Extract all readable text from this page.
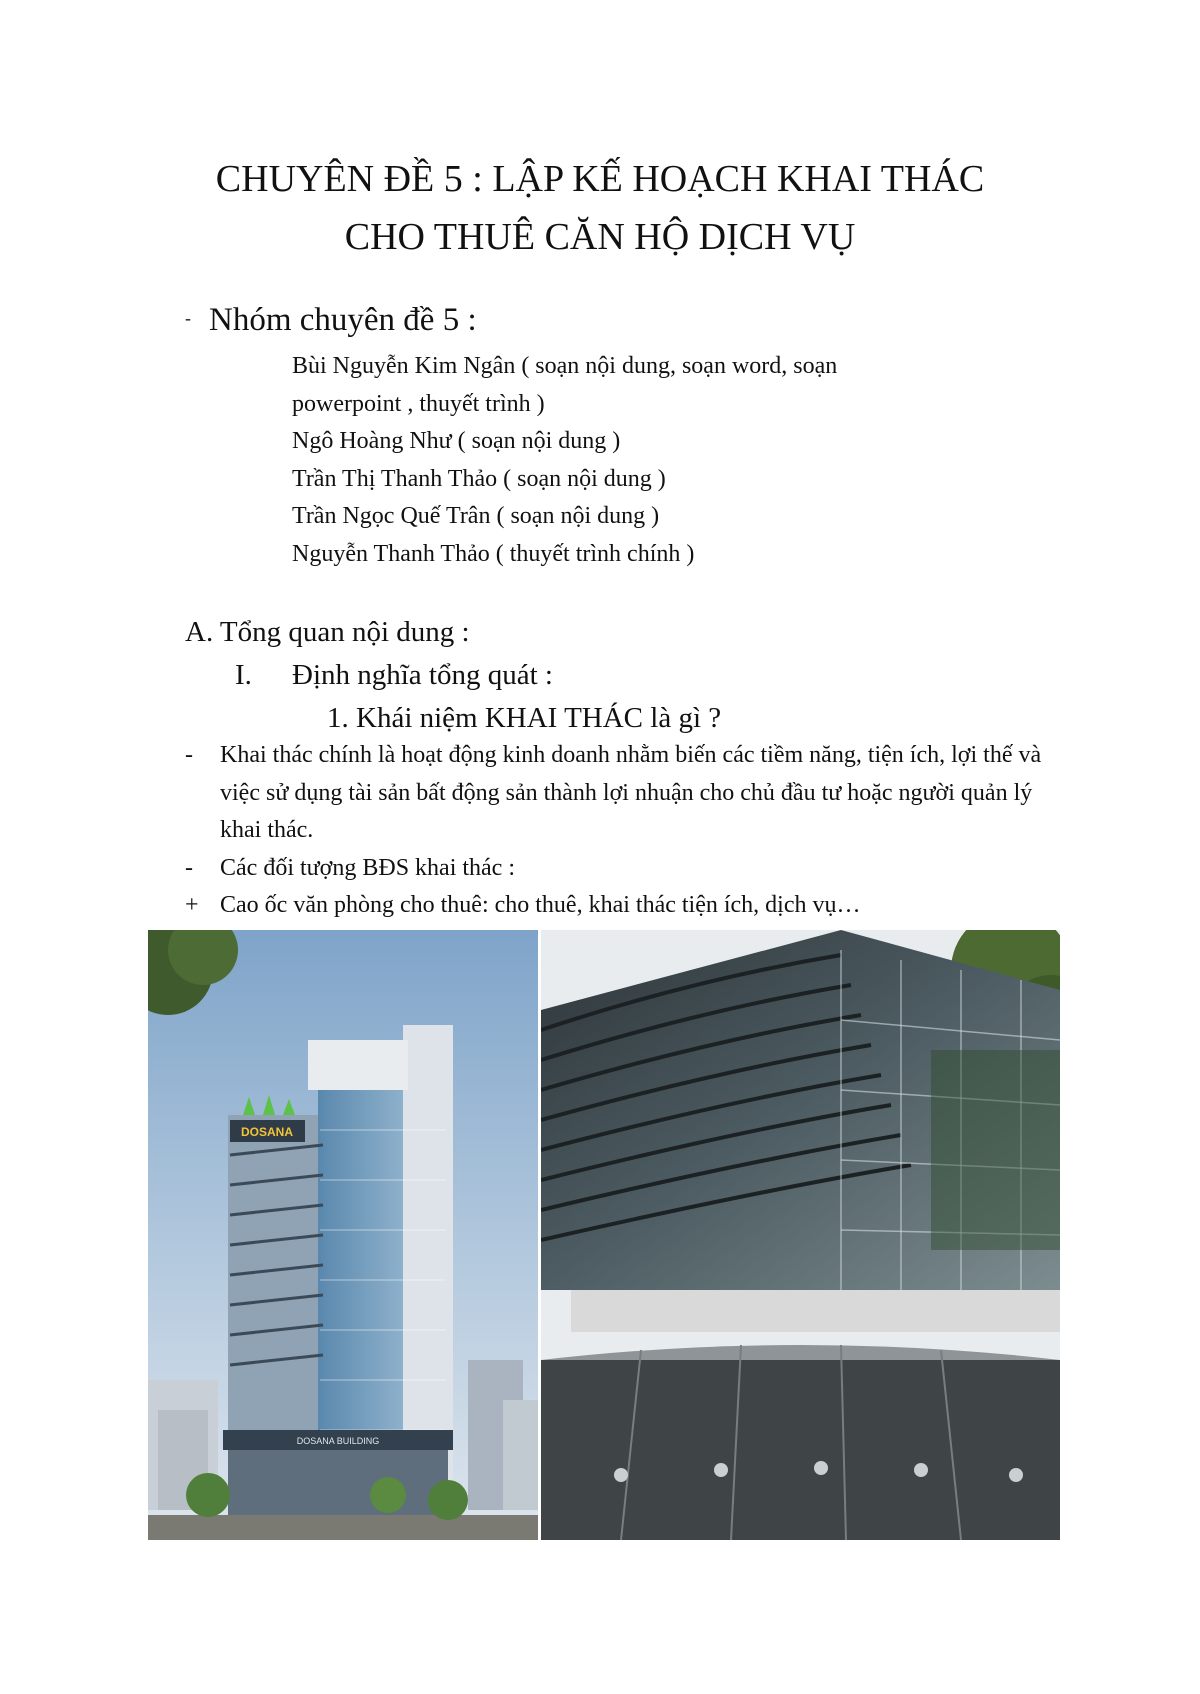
CHUYÊN ĐỀ 5 : LẬP KẾ HOẠCH KHAI THÁC
CHO THUÊ CĂN HỘ DỊCH VỤ
- Nhóm chuyên đề 5 :
Bùi Nguyễn Kim Ngân ( soạn nội dung, soạn word, soạn
powerpoint , thuyết trình )
Ngô Hoàng Như ( soạn nội dung )
Trần Thị Thanh Thảo ( soạn nội dung )
Trần Ngọc Quế Trân ( soạn nội dung )
Nguyễn Thanh Thảo ( thuyết trình chính )
A. Tổng quan nội dung :
I. Định nghĩa tổng quát :
1. Khái niệm KHAI THÁC là gì ?
-	Khai thác chính là hoạt động kinh doanh nhằm biến các tiềm năng, tiện ích, lợi thế và việc sử dụng tài sản bất động sản thành lợi nhuận cho chủ đầu tư hoặc người quản lý khai thác.
-	Các đối tượng BĐS khai thác :
+ Cao ốc văn phòng cho thuê: cho thuê, khai thác tiện ích, dịch vụ…
DOSANA
DOSANA BUILDING
